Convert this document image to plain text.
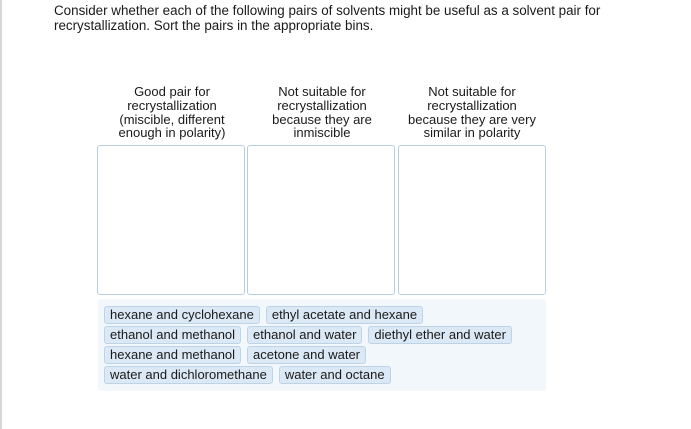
Consider whether each of the following pairs of solvents might be useful as a solvent pair for recrystallization. Sort the pairs in the appropriate bins.

Good pair for
recrystallization
(miscible, different
enough in polarity)

Not suitable for
recrystallization
because they are
inmiscible

Not suitable for
recrystallization
because they are very
similar in polarity

hexane and cyclohexane	ethyl acetate and hexane
ethanol and methanol	ethanol and water	diethyl ether and water
hexane and methanol	acetone and water
water and dichloromethane	water and octane
